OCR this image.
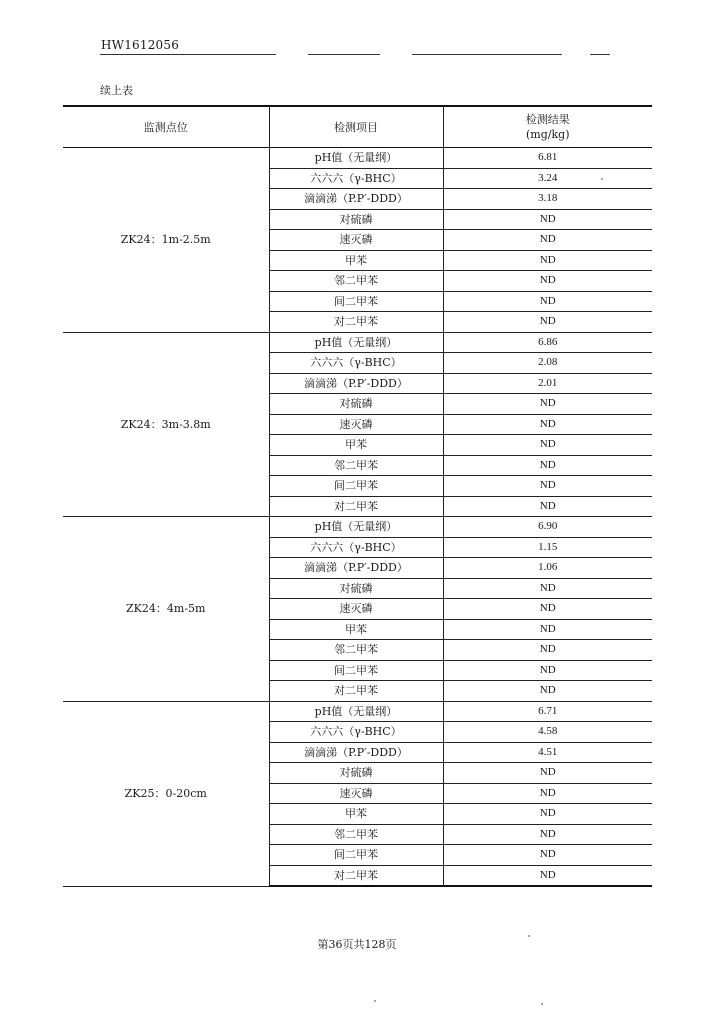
HW1612056
续上表
监测点位	检测项目	检测结果
(mg/kg)

ZK24：1m-2.5m	pH值（无量纲）	6.81
	六六六（γ-BHC）	3.24
	滴滴涕（P.P′-DDD）	3.18
	对硫磷	ND
	速灭磷	ND
	甲苯	ND
	邻二甲苯	ND
	间二甲苯	ND
	对二甲苯	ND
ZK24：3m-3.8m	pH值（无量纲）	6.86
	六六六（γ-BHC）	2.08
	滴滴涕（P.P′-DDD）	2.01
	对硫磷	ND
	速灭磷	ND
	甲苯	ND
	邻二甲苯	ND
	间二甲苯	ND
	对二甲苯	ND
ZK24：4m-5m	pH值（无量纲）	6.90
	六六六（γ-BHC）	1.15
	滴滴涕（P.P′-DDD）	1.06
	对硫磷	ND
	速灭磷	ND
	甲苯	ND
	邻二甲苯	ND
	间二甲苯	ND
	对二甲苯	ND
ZK25：0-20cm	pH值（无量纲）	6.71
	六六六（γ-BHC）	4.58
	滴滴涕（P.P′-DDD）	4.51
	对硫磷	ND
	速灭磷	ND
	甲苯	ND
	邻二甲苯	ND
	间二甲苯	ND
	对二甲苯	ND
第36页共128页
